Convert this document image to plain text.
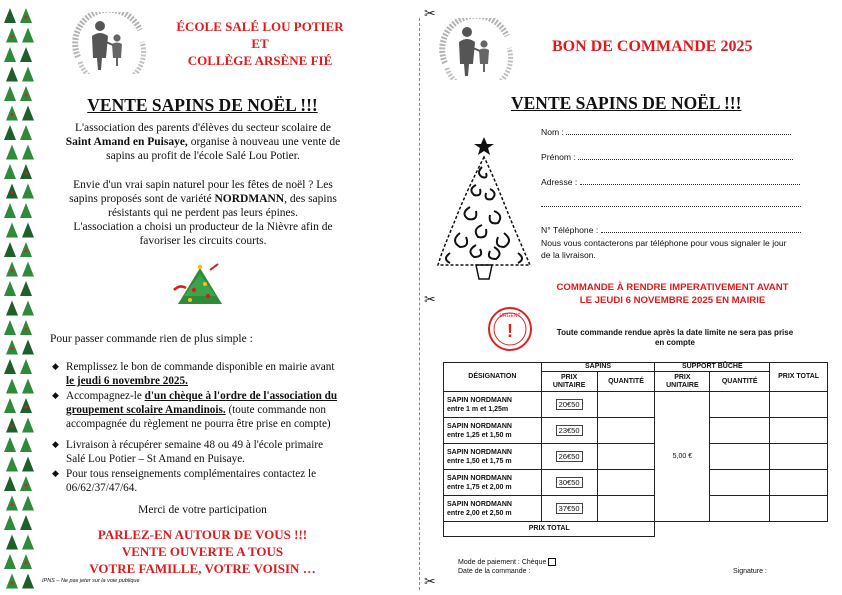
ÉCOLE SALÉ LOU POTIER
ET
COLLÈGE ARSÈNE FIÉ
VENTE SAPINS DE NOËL !!!
L'association des parents d'élèves du secteur scolaire de
Saint Amand en Puisaye, organise à nouveau une vente de
sapins au profit de l'école Salé Lou Potier.
Envie d'un vrai sapin naturel pour les fêtes de noël ? Les
sapins proposés sont de variété NORDMANN, des sapins
résistants qui ne perdent pas leurs épines.
L'association a choisi un producteur de la Nièvre afin de
favoriser les circuits courts.
Pour passer commande rien de plus simple :
◆ Remplissez le bon de commande disponible en mairie avant
le jeudi 6 novembre 2025.
◆ Accompagnez-le d'un chèque à l'ordre de l'association du
groupement scolaire Amandinois. (toute commande non
accompagnée du règlement ne pourra être prise en compte)
◆ Livraison à récupérer semaine 48 ou 49 à l'école primaire
Salé Lou Potier – St Amand en Puisaye.
◆ Pour tous renseignements complémentaires contactez le
06/62/37/47/64.
Merci de votre participation
PARLEZ-EN AUTOUR DE VOUS !!!
VENTE OUVERTE A TOUS
VOTRE FAMILLE, VOTRE VOISIN …
IPNS – Ne pas jeter sur la voie publique
✂
✂
✂
BON DE COMMANDE 2025
VENTE SAPINS DE NOËL !!!
Nom :
Prénom :
Adresse :
N° Téléphone :
Nous vous contacterons par téléphone pour vous signaler le jour
de la livraison.
COMMANDE À RENDRE IMPERATIVEMENT AVANT
LE JEUDI 6 NOVEMBRE 2025 EN MAIRIE
URGENT
!	Toute commande rendue après la date limite ne sera pas prise
en compte
DÉSIGNATION	SAPINS		SUPPORT BÛCHE		PRIX TOTAL
	PRIX UNITAIRE	QUANTITÉ	PRIX UNITAIRE	QUANTITÉ	

SAPIN NORDMANN
entre 1 m et 1,25m	20€50		5,00 €		

SAPIN NORDMANN
entre 1,25 et 1,50 m	23€50				

SAPIN NORDMANN
entre 1,50 et 1,75 m	26€50				

SAPIN NORDMANN
entre 1,75 et 2,00 m	30€50				

SAPIN NORDMANN
entre 2,00 et 2,50 m	37€50				
PRIX TOTAL					
Mode de paiement : Chèque
Date de la commande :	Signature :
